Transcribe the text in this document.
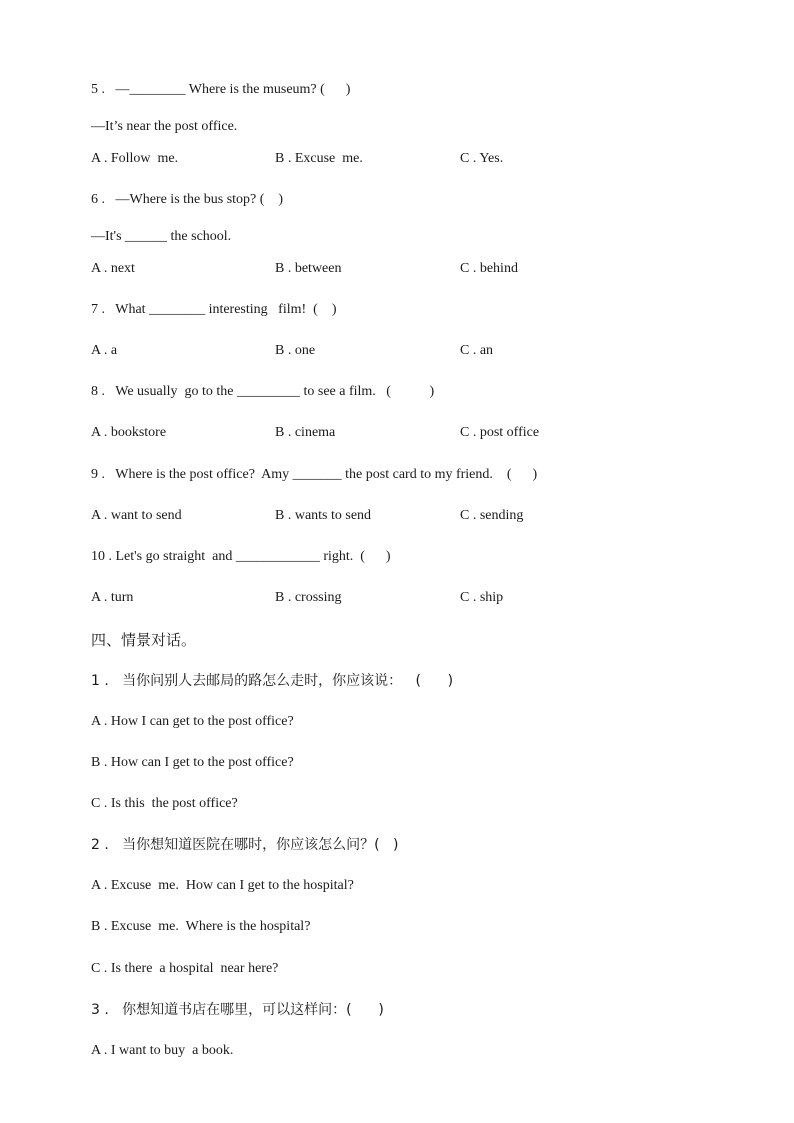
5 .   —________ Where is the museum? (      )
—It’s near the post office.
A . Follow  me.	B . Excuse  me.	C . Yes.
6 .   —Where is the bus stop? (    )
—It's ______ the school.
A . next	B . between	C . behind
7 .   What ________ interesting   film!  (    )
A . a	B . one	C . an
8 .   We usually  go to the _________ to see a film.   (           )
A . bookstore	B . cinema	C . post office
9 .   Where is the post office?  Amy _______ the post card to my friend.    (      )
A . want to send	B . wants to send	C . sending
10 . Let's go straight  and ____________ right.  (      )
A . turn	B . crossing	C . ship
四、情景对话。
1 .   当你问别人去邮局的路怎么走时，你应该说：   (      )
A . How I can get to the post office?
B . How can I get to the post office?
C . Is this  the post office?
2 .   当你想知道医院在哪时，你应该怎么问？(   )
A . Excuse  me.  How can I get to the hospital?
B . Excuse  me.  Where is the hospital?
C . Is there  a hospital  near here?
3 .   你想知道书店在哪里，可以这样问：(      )
A . I want to buy  a book.
